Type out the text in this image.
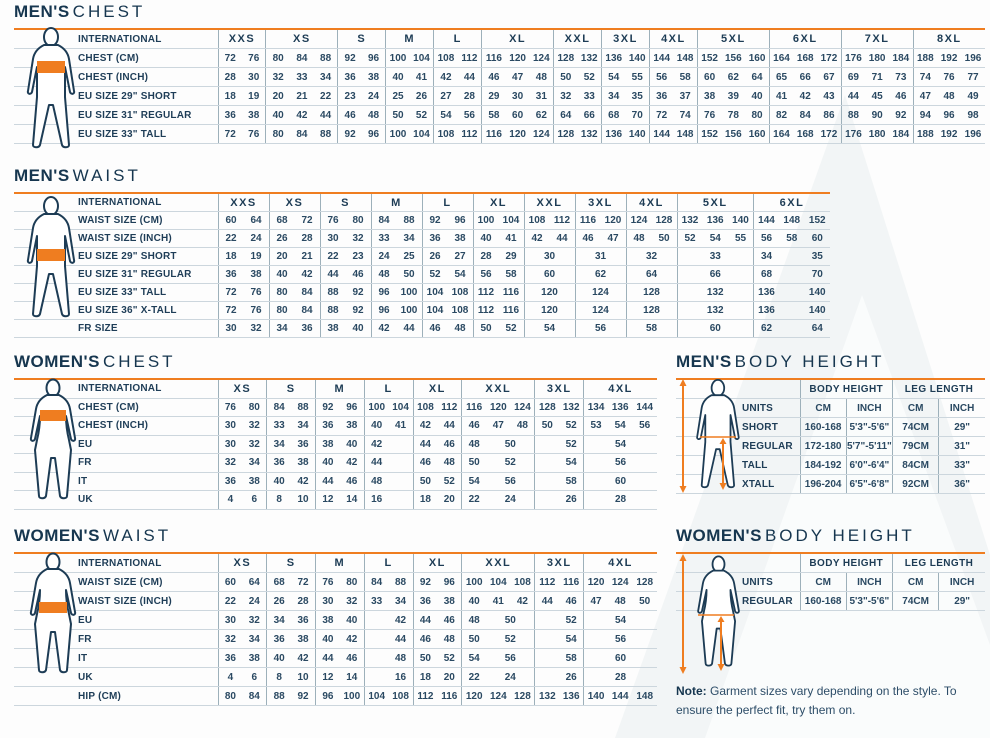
MEN'S CHEST
INTERNATIONAL	XXS		XS			S		M		L		XL			XXL		3XL		4XL		5XL			6XL			7XL			8XL		
CHEST (CM)	72	76	80	84	88	92	96	100	104	108	112	116	120	124	128	132	136	140	144	148	152	156	160	164	168	172	176	180	184	188	192	196
CHEST (INCH)	28	30	32	33	34	36	38	40	41	42	44	46	47	48	50	52	54	55	56	58	60	62	64	65	66	67	69	71	73	74	76	77
EU SIZE 29" SHORT	18	19	20	21	22	23	24	25	26	27	28	29	30	31	32	33	34	35	36	37	38	39	40	41	42	43	44	45	46	47	48	49
EU SIZE 31" REGULAR	36	38	40	42	44	46	48	50	52	54	56	58	60	62	64	66	68	70	72	74	76	78	80	82	84	86	88	90	92	94	96	98
EU SIZE 33" TALL	72	76	80	84	88	92	96	100	104	108	112	116	120	124	128	132	136	140	144	148	152	156	160	164	168	172	176	180	184	188	192	196
MEN'S WAIST
INTERNATIONAL	XXS		XS		S		M		L		XL		XXL		3XL		4XL		5XL			6XL		
WAIST SIZE (CM)	60	64	68	72	76	80	84	88	92	96	100	104	108	112	116	120	124	128	132	136	140	144	148	152
WAIST SIZE (INCH)	22	24	26	28	30	32	33	34	36	38	40	41	42	44	46	47	48	50	52	54	55	56	58	60
EU SIZE 29" SHORT	18	19	20	21	22	23	24	25	26	27	28	29	30		31		32		33			34		35
EU SIZE 31" REGULAR	36	38	40	42	44	46	48	50	52	54	56	58	60		62		64		66			68		70
EU SIZE 33" TALL	72	76	80	84	88	92	96	100	104	108	112	116	120		124		128		132			136		140
EU SIZE 36" X-TALL	72	76	80	84	88	92	96	100	104	108	112	116	120		124		128		132			136		140
FR SIZE	30	32	34	36	38	40	42	44	46	48	50	52	54		56		58		60			62		64
WOMEN'S CHEST
INTERNATIONAL	XS		S		M		L		XL		XXL			3XL		4XL		
CHEST (CM)	76	80	84	88	92	96	100	104	108	112	116	120	124	128	132	134	136	144
CHEST (INCH)	30	32	33	34	36	38	40	41	42	44	46	47	48	50	52	53	54	56
EU	30	32	34	36	38	40	42		44	46	48	50			52	54		
FR	32	34	36	38	40	42	44		46	48	50	52			54	56		
IT	36	38	40	42	44	46	48		50	52	54	56			58	60		
UK	4	6	8	10	12	14	16		18	20	22	24			26	28		
MEN'S BODY HEIGHT
	BODY HEIGHT		LEG LENGTH	
UNITS	CM	INCH	CM	INCH
SHORT	160-168	5'3"-5'6"	74CM	29"
REGULAR	172-180	5'7"-5'11"	79CM	31"
TALL	184-192	6'0"-6'4"	84CM	33"
XTALL	196-204	6'5"-6'8"	92CM	36"
WOMEN'S WAIST
INTERNATIONAL	XS		S		M		L		XL		XXL			3XL		4XL		
WAIST SIZE (CM)	60	64	68	72	76	80	84	88	92	96	100	104	108	112	116	120	124	128
WAIST SIZE (INCH)	22	24	26	28	30	32	33	34	36	38	40	41	42	44	46	47	48	50
EU	30	32	34	36	38	40		42	44	46	48	50			52	54		
FR	32	34	36	38	40	42		44	46	48	50	52			54	56		
IT	36	38	40	42	44	46		48	50	52	54	56			58	60		
UK	4	6	8	10	12	14		16	18	20	22	24			26	28		
HIP (CM)	80	84	88	92	96	100	104	108	112	116	120	124	128	132	136	140	144	148
WOMEN'S BODY HEIGHT
	BODY HEIGHT		LEG LENGTH	
UNITS	CM	INCH	CM	INCH
REGULAR	160-168	5'3"-5'6"	74CM	29"
Note: Garment sizes vary depending on the style. To ensure the perfect fit, try them on.
